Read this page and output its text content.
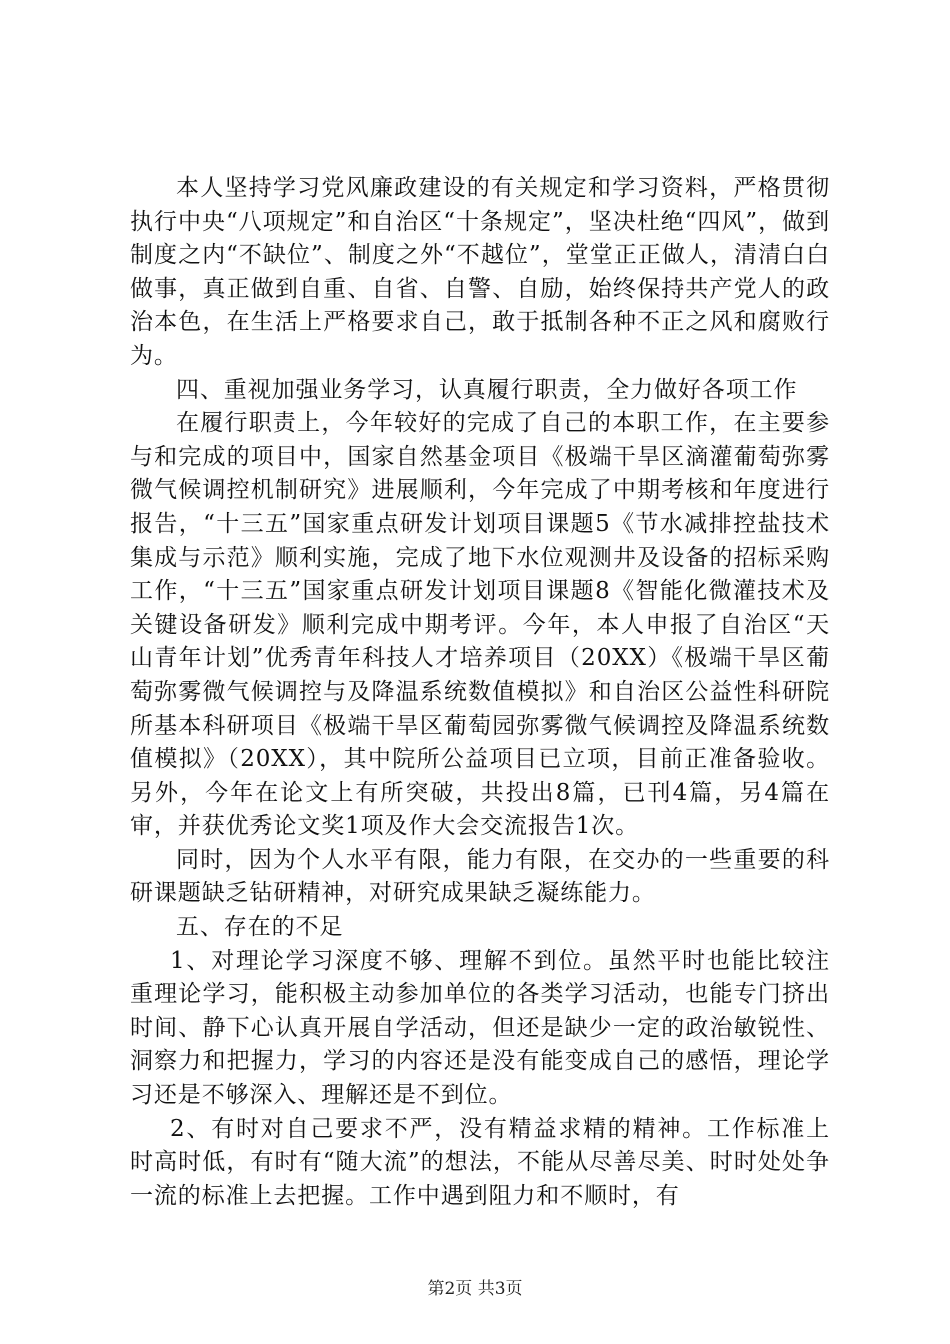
本人坚持学习党风廉政建设的有关规定和学习资料，严格贯彻执行中央“八项规定”和自治区“十条规定”，坚决杜绝“四风”，做到制度之内“不缺位”、制度之外“不越位”，堂堂正正做人，清清白白做事，真正做到自重、自省、自警、自励，始终保持共产党人的政治本色，在生活上严格要求自己，敢于抵制各种不正之风和腐败行为。

四、重视加强业务学习，认真履行职责，全力做好各项工作

在履行职责上，今年较好的完成了自己的本职工作，在主要参与和完成的项目中，国家自然基金项目《极端干旱区滴灌葡萄弥雾微气候调控机制研究》进展顺利，今年完成了中期考核和年度进行报告，“十三五”国家重点研发计划项目课题5《节水减排控盐技术集成与示范》顺利实施，完成了地下水位观测井及设备的招标采购工作，“十三五”国家重点研发计划项目课题8《智能化微灌技术及关键设备研发》顺利完成中期考评。今年，本人申报了自治区“天山青年计划”优秀青年科技人才培养项目（20XX）《极端干旱区葡萄弥雾微气候调控与及降温系统数值模拟》和自治区公益性科研院所基本科研项目《极端干旱区葡萄园弥雾微气候调控及降温系统数值模拟》（20XX），其中院所公益项目已立项，目前正准备验收。另外，今年在论文上有所突破，共投出8篇，已刊4篇，另4篇在审，并获优秀论文奖1项及作大会交流报告1次。

同时，因为个人水平有限，能力有限，在交办的一些重要的科研课题缺乏钻研精神，对研究成果缺乏凝练能力。

五、存在的不足

1、对理论学习深度不够、理解不到位。虽然平时也能比较注重理论学习，能积极主动参加单位的各类学习活动，也能专门挤出时间、静下心认真开展自学活动，但还是缺少一定的政治敏锐性、洞察力和把握力，学习的内容还是没有能变成自己的感悟，理论学习还是不够深入、理解还是不到位。

2、有时对自己要求不严，没有精益求精的精神。工作标准上时高时低，有时有“随大流”的想法，不能从尽善尽美、时时处处争一流的标准上去把握。工作中遇到阻力和不顺时，有

第2页 共3页
